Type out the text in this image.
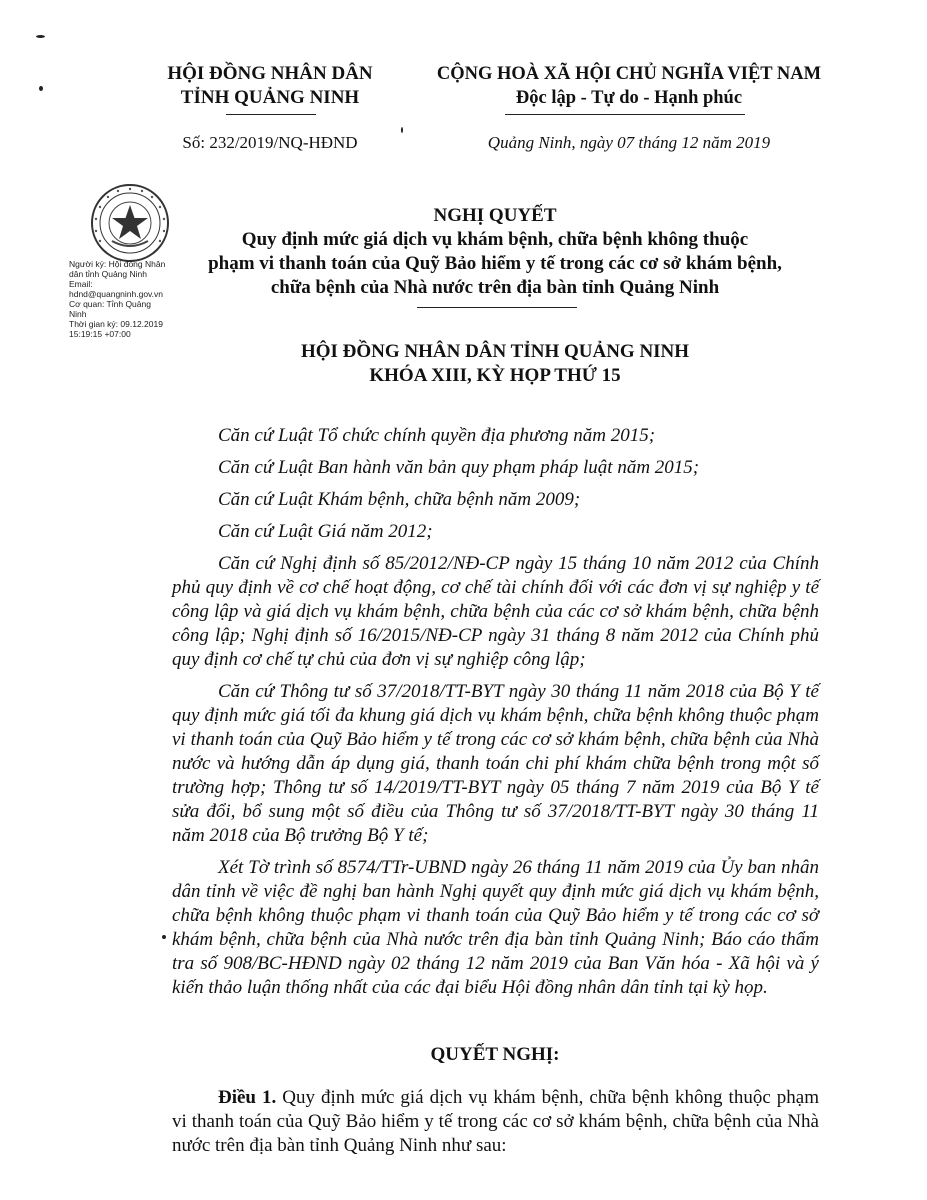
HỘI ĐỒNG NHÂN DÂN
TỈNH QUẢNG NINH
CỘNG HOÀ XÃ HỘI CHỦ NGHĨA VIỆT NAM
Độc lập - Tự do - Hạnh phúc
Số: 232/2019/NQ-HĐND	Quảng Ninh, ngày 07 tháng 12 năm 2019
Người ký: Hội đồng Nhân
dân tỉnh Quảng Ninh
Email:
hdnd@quangninh.gov.vn
Cơ quan: Tỉnh Quảng
Ninh
Thời gian ký: 09.12.2019
15:19:15 +07:00
NGHỊ QUYẾT
Quy định mức giá dịch vụ khám bệnh, chữa bệnh không thuộc
phạm vi thanh toán của Quỹ Bảo hiểm y tế trong các cơ sở khám bệnh,
chữa bệnh của Nhà nước trên địa bàn tỉnh Quảng Ninh
HỘI ĐỒNG NHÂN DÂN TỈNH QUẢNG NINH
KHÓA XIII, KỲ HỌP THỨ 15

Căn cứ Luật Tổ chức chính quyền địa phương năm 2015;

Căn cứ Luật Ban hành văn bản quy phạm pháp luật năm 2015;

Căn cứ Luật Khám bệnh, chữa bệnh năm 2009;

Căn cứ Luật Giá năm 2012;

Căn cứ Nghị định số 85/2012/NĐ-CP ngày 15 tháng 10 năm 2012 của Chính phủ quy định về cơ chế hoạt động, cơ chế tài chính đối với các đơn vị sự nghiệp y tế công lập và giá dịch vụ khám bệnh, chữa bệnh của các cơ sở khám bệnh, chữa bệnh công lập; Nghị định số 16/2015/NĐ-CP ngày 31 tháng 8 năm 2012 của Chính phủ quy định cơ chế tự chủ của đơn vị sự nghiệp công lập;

Căn cứ Thông tư số 37/2018/TT-BYT ngày 30 tháng 11 năm 2018 của Bộ Y tế quy định mức giá tối đa khung giá dịch vụ khám bệnh, chữa bệnh không thuộc phạm vi thanh toán của Quỹ Bảo hiểm y tế trong các cơ sở khám bệnh, chữa bệnh của Nhà nước và hướng dẫn áp dụng giá, thanh toán chi phí khám chữa bệnh trong một số trường hợp; Thông tư số 14/2019/TT-BYT ngày 05 tháng 7 năm 2019 của Bộ Y tế sửa đổi, bổ sung một số điều của Thông tư số 37/2018/TT-BYT ngày 30 tháng 11 năm 2018 của Bộ trưởng Bộ Y tế;

Xét Tờ trình số 8574/TTr-UBND ngày 26 tháng 11 năm 2019 của Ủy ban nhân dân tỉnh về việc đề nghị ban hành Nghị quyết quy định mức giá dịch vụ khám bệnh, chữa bệnh không thuộc phạm vi thanh toán của Quỹ Bảo hiểm y tế trong các cơ sở khám bệnh, chữa bệnh của Nhà nước trên địa bàn tỉnh Quảng Ninh; Báo cáo thẩm tra số 908/BC-HĐND ngày 02 tháng 12 năm 2019 của Ban Văn hóa - Xã hội và ý kiến thảo luận thống nhất của các đại biểu Hội đồng nhân dân tỉnh tại kỳ họp.

QUYẾT NGHỊ:

Điều 1. Quy định mức giá dịch vụ khám bệnh, chữa bệnh không thuộc phạm vi thanh toán của Quỹ Bảo hiểm y tế trong các cơ sở khám bệnh, chữa bệnh của Nhà nước trên địa bàn tỉnh Quảng Ninh như sau:
